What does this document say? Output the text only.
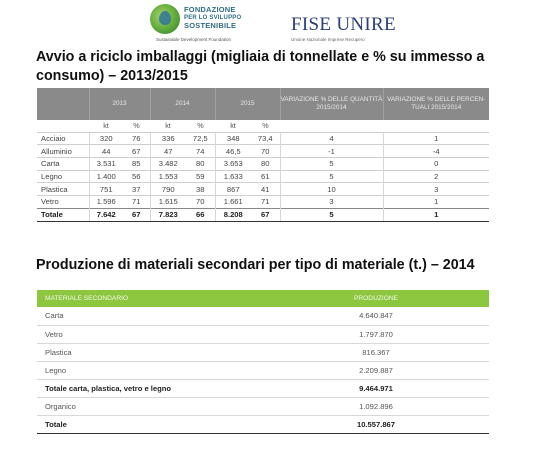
FONDAZIONE
PER LO SVILUPPO
SOSTENIBILE
Sustainable Development Foundation
FISE UNIRE
Unione Nazionale Imprese Recupero
Avvio a riciclo imballaggi (migliaia di tonnellate e % su immesso a consumo) – 2013/2015
	2013		2014		2015		VARIAZIONE % DELLE QUANTITÀ 2015/2014	VARIAZIONE % DELLE PERCEN- TUALI 2015/2014
	kt	%	kt	%	kt	%		
Acciaio	320	76	336	72,5	348	73,4	4	1
Alluminio	44	67	47	74	46,5	70	-1	-4
Carta	3.531	85	3.482	80	3.653	80	5	0
Legno	1.400	56	1.553	59	1.633	61	5	2
Plastica	751	37	790	38	867	41	10	3
Vetro	1.596	71	1.615	70	1.661	71	3	1
Totale	7.642	67	7.823	66	8.208	67	5	1
Produzione di materiali secondari per tipo di materiale (t.) – 2014
MATERIALE SECONDARIO	PRODUZIONE
Carta	4.640.847
Vetro	1.797.870
Plastica	816.367
Legno	2.209.887
Totale carta, plastica, vetro e legno	9.464.971
Organico	1.092.896
Totale	10.557.867
